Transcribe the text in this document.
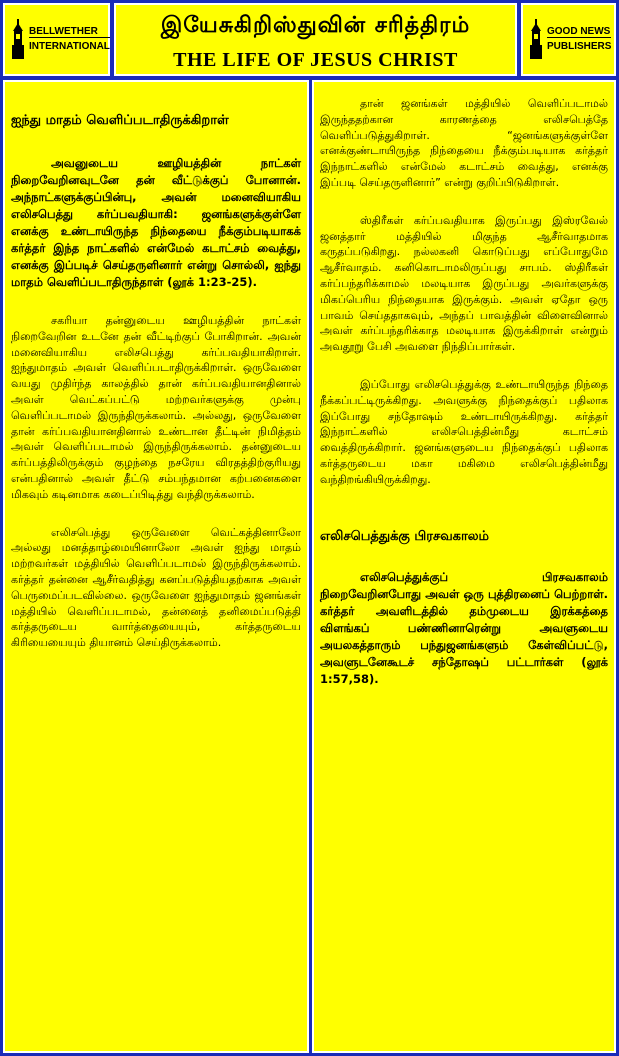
BELLWETHER
INTERNATIONAL
இயேசுகிறிஸ்துவின் சரித்திரம்
THE LIFE OF JESUS CHRIST
GOOD NEWS
PUBLISHERS

ஐந்து மாதம் வெளிப்படாதிருக்கிறாள்

அவனுடைய ஊழியத்தின் நாட்கள் நிறைவேறினவுடனே தன் வீட்டுக்குப் போனான். அந்நாட்களுக்குப்பின்பு, அவன் மனைவியாகிய எலிசபெத்து கர்ப்பவதியாகி: ஜனங்களுக்குள்ளே எனக்கு உண்டாயிருந்த நிந்தையை நீக்கும்படியாகக் கர்த்தர் இந்த நாட்களில் என்மேல் கடாட்சம் வைத்து, எனக்கு இப்படிச் செய்தருளினார் என்று சொல்லி, ஐந்து மாதம் வெளிப்படாதிருந்தாள் (லூக் 1:23-25).

சகரியா தன்னுடைய ஊழியத்தின் நாட்கள் நிறைவேறின உடனே தன் வீட்டிற்குப் போகிறான். அவன் மனைவியாகிய எலிசபெத்து கர்ப்பவதியாகிறாள். ஐந்துமாதம் அவள் வெளிப்படாதிருக்கிறாள். ஒருவேளை வயது முதிர்ந்த காலத்தில் தான் கர்ப்பவதியானதினால் அவள் வெட்கப்பட்டு மற்றவர்களுக்கு முன்பு வெளிப்படாமல் இருந்திருக்கலாம். அல்லது, ஒருவேளை தான் கர்ப்பவதியானதினால் உண்டான தீட்டின் நிமித்தம் அவள் வெளிப்படாமல் இருந்திருக்கலாம். தன்னுடைய கர்ப்பத்திலிருக்கும் குழந்தை நசரேய விரதத்திற்குரியது என்பதினால் அவள் தீட்டு சம்பந்தமான கற்பனைகளை மிகவும் கடினமாக கடைப்பிடித்து வந்திருக்கலாம்.

எலிசபெத்து ஒருவேளை வெட்கத்தினாலோ அல்லது மனத்தாழ்மையினாலோ அவள் ஐந்து மாதம் மற்றவர்கள் மத்தியில் வெளிப்படாமல் இருந்திருக்கலாம். கர்த்தர் தன்னை ஆசீர்வதித்து கனப்படுத்தியதற்காக அவள் பெருமைப்படவில்லை. ஒருவேளை ஐந்துமாதம் ஜனங்கள் மத்தியில் வெளிப்படாமல், தன்னைத் தனிமைப்படுத்தி கர்த்தருடைய வார்த்தையையும், கர்த்தருடைய கிரியையையும் தியானம் செய்திருக்கலாம்.

தான் ஜனங்கள் மத்தியில் வெளிப்படாமல் இருந்ததற்கான காரணத்தை எலிசபெத்தே வெளிப்படுத்துகிறாள். “ஜனங்களுக்குள்ளே எனக்குண்டாயிருந்த நிந்தையை நீக்கும்படியாக கர்த்தர் இந்நாட்களில் என்மேல் கடாட்சம் வைத்து, எனக்கு இப்படி செய்தருளினார்” என்று குறிப்பிடுகிறாள்.

ஸ்திரீகள் கர்ப்பவதியாக இருப்பது இஸ்ரவேல் ஜனத்தார் மத்தியில் மிகுந்த ஆசீர்வாதமாக கருதப்படுகிறது. நல்லகனி கொடுப்பது எப்போதுமே ஆசீர்வாதம். கனிகொடாமலிருப்பது சாபம். ஸ்திரீகள் கர்ப்பந்தரிக்காமல் மலடியாக இருப்பது அவர்களுக்கு மிகப்பெரிய நிந்தையாக இருக்கும். அவள் ஏதோ ஒரு பாவம் செய்ததாகவும், அந்தப் பாவத்தின் விளைவினால் அவள் கர்ப்பந்தரிக்காத மலடியாக இருக்கிறாள் என்றும் அவதூறு பேசி அவளை நிந்திப்பார்கள்.

இப்போது எலிசபெத்துக்கு உண்டாயிருந்த நிந்தை நீக்கப்பட்டிருக்கிறது. அவளுக்கு நிந்தைக்குப் பதிலாக இப்போது சந்தோஷம் உண்டாயிருக்கிறது. கர்த்தர் இந்நாட்களில் எலிசபெத்தின்மீது கடாட்சம் வைத்திருக்கிறார். ஜனங்களுடைய நிந்தைக்குப் பதிலாக கர்த்தருடைய மகா மகிமை எலிசபெத்தின்மீது வந்திறங்கியிருக்கிறது.

எலிசபெத்துக்கு பிரசவகாலம்

எலிசபெத்துக்குப் பிரசவகாலம் நிறைவேறினபோது அவள் ஒரு புத்திரனைப் பெற்றாள். கர்த்தர் அவளிடத்தில் தம்முடைய இரக்கத்தை விளங்கப் பண்ணினாரென்று அவளுடைய அயலகத்தாரும் பந்துஜனங்களும் கேள்விப்பட்டு, அவளுடனேகூடச் சந்தோஷப் பட்டார்கள் (லூக் 1:57,58).
